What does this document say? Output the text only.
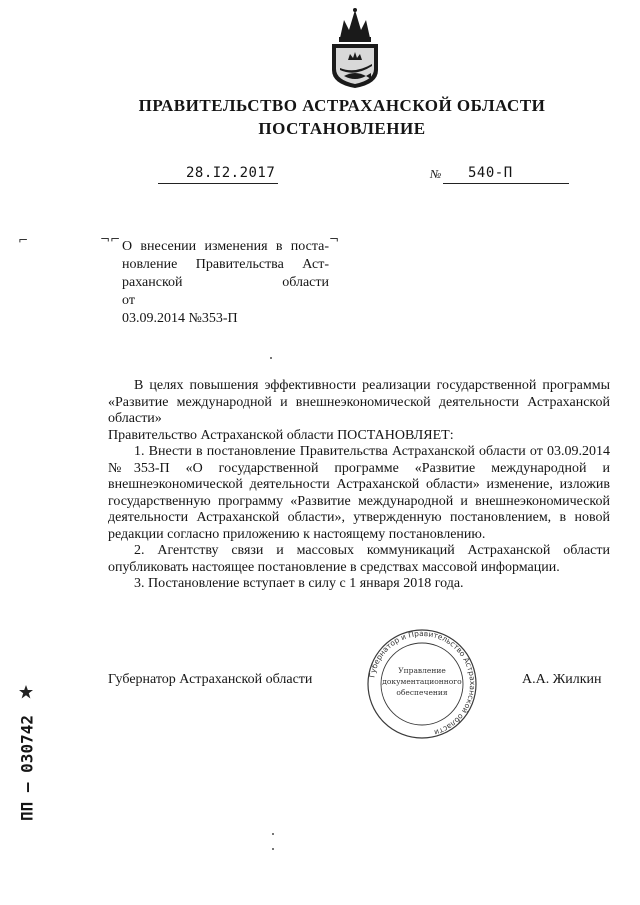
ПРАВИТЕЛЬСТВО АСТРАХАНСКОЙ ОБЛАСТИ
ПОСТАНОВЛЕНИЕ
28.I2.2017	№ 540-П
⌐	¬⌐	¬
О внесении изменения в поста-
новление Правительства Аст-
раханской области от
03.09.2014 №353-П

В целях повышения эффективности реализации государственной программы «Развитие международной и внешнеэкономической деятельности Астраханской области»

Правительство Астраханской области ПОСТАНОВЛЯЕТ:

1. Внести в постановление Правительства Астраханской области от 03.09.2014 №353-П «О государственной программе «Развитие международной и внешнеэкономической деятельности Астраханской области» изменение, изложив государственную программу «Развитие международной и внешнеэкономической деятельности Астраханской области», утвержденную постановлением, в новой редакции согласно приложению к настоящему постановлению.

2. Агентству связи и массовых коммуникаций Астраханской области опубликовать настоящее постановление в средствах массовой информации.

3. Постановление вступает в силу с 1 января 2018 года.

Губернатор Астраханской области	А.А. Жилкин
Губернатор и Правительство Астраханской области
Управление
документационного
обеспечения
ПП – 030742
